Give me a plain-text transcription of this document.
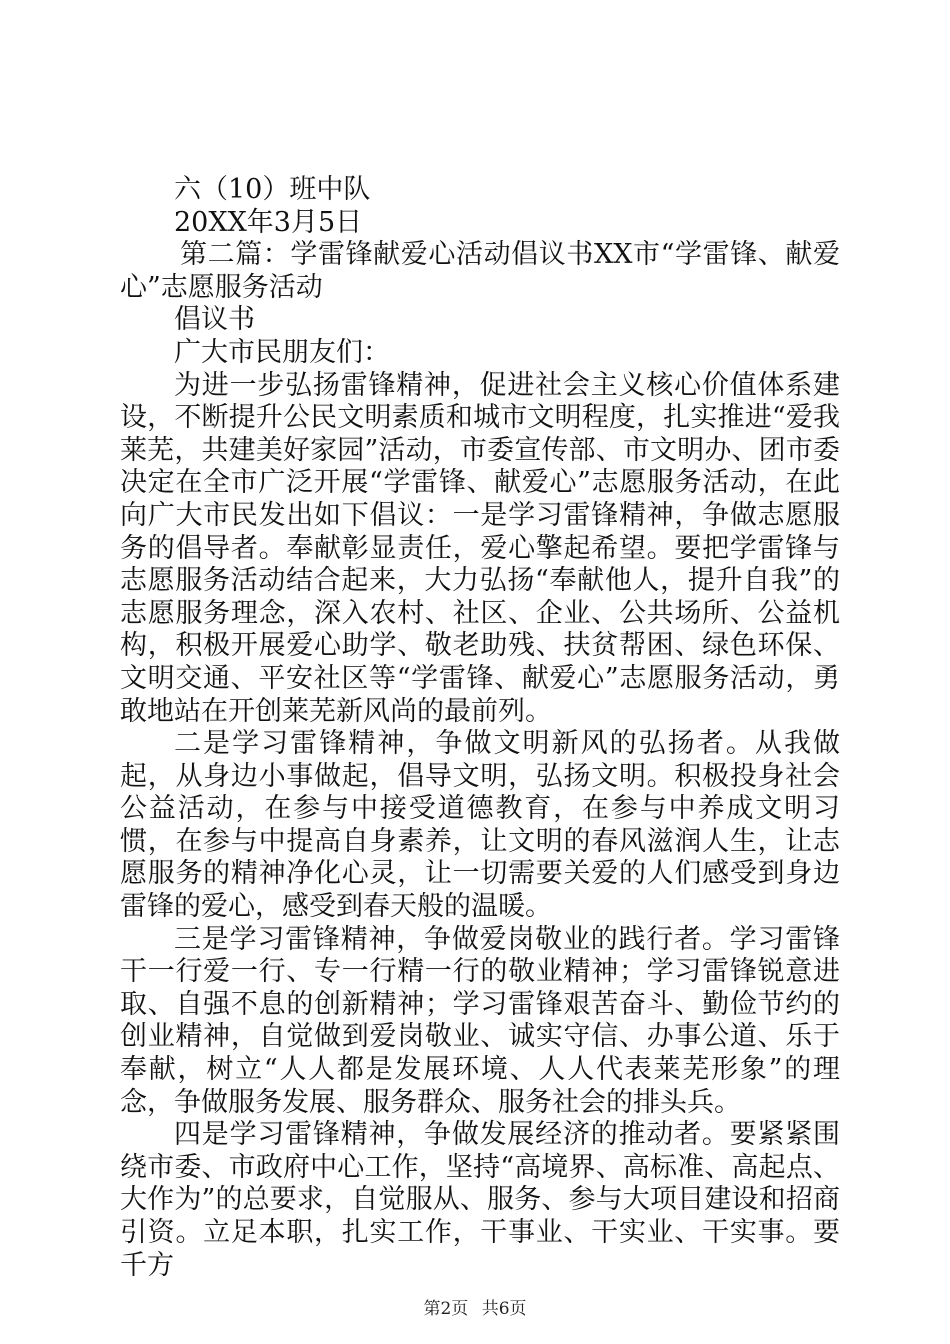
六（10）班中队

20XX年3月5日

第二篇：学雷锋献爱心活动倡议书XX市“学雷锋、献爱心”志愿服务活动

倡议书

广大市民朋友们：

为进一步弘扬雷锋精神，促进社会主义核心价值体系建设，不断提升公民文明素质和城市文明程度，扎实推进“爱我莱芜，共建美好家园”活动，市委宣传部、市文明办、团市委决定在全市广泛开展“学雷锋、献爱心”志愿服务活动，在此向广大市民发出如下倡议：一是学习雷锋精神，争做志愿服务的倡导者。奉献彰显责任，爱心擎起希望。要把学雷锋与志愿服务活动结合起来，大力弘扬“奉献他人，提升自我”的志愿服务理念，深入农村、社区、企业、公共场所、公益机构，积极开展爱心助学、敬老助残、扶贫帮困、绿色环保、文明交通、平安社区等“学雷锋、献爱心”志愿服务活动，勇敢地站在开创莱芜新风尚的最前列。

二是学习雷锋精神，争做文明新风的弘扬者。从我做起，从身边小事做起，倡导文明，弘扬文明。积极投身社会公益活动，在参与中接受道德教育，在参与中养成文明习惯，在参与中提高自身素养，让文明的春风滋润人生，让志愿服务的精神净化心灵，让一切需要关爱的人们感受到身边雷锋的爱心，感受到春天般的温暖。

三是学习雷锋精神，争做爱岗敬业的践行者。学习雷锋干一行爱一行、专一行精一行的敬业精神；学习雷锋锐意进取、自强不息的创新精神；学习雷锋艰苦奋斗、勤俭节约的创业精神，自觉做到爱岗敬业、诚实守信、办事公道、乐于奉献，树立“人人都是发展环境、人人代表莱芜形象”的理念，争做服务发展、服务群众、服务社会的排头兵。

四是学习雷锋精神，争做发展经济的推动者。要紧紧围绕市委、市政府中心工作，坚持“高境界、高标准、高起点、大作为”的总要求，自觉服从、服务、参与大项目建设和招商引资。立足本职，扎实工作，干事业、干实业、干实事。要千方

第2页 共6页
